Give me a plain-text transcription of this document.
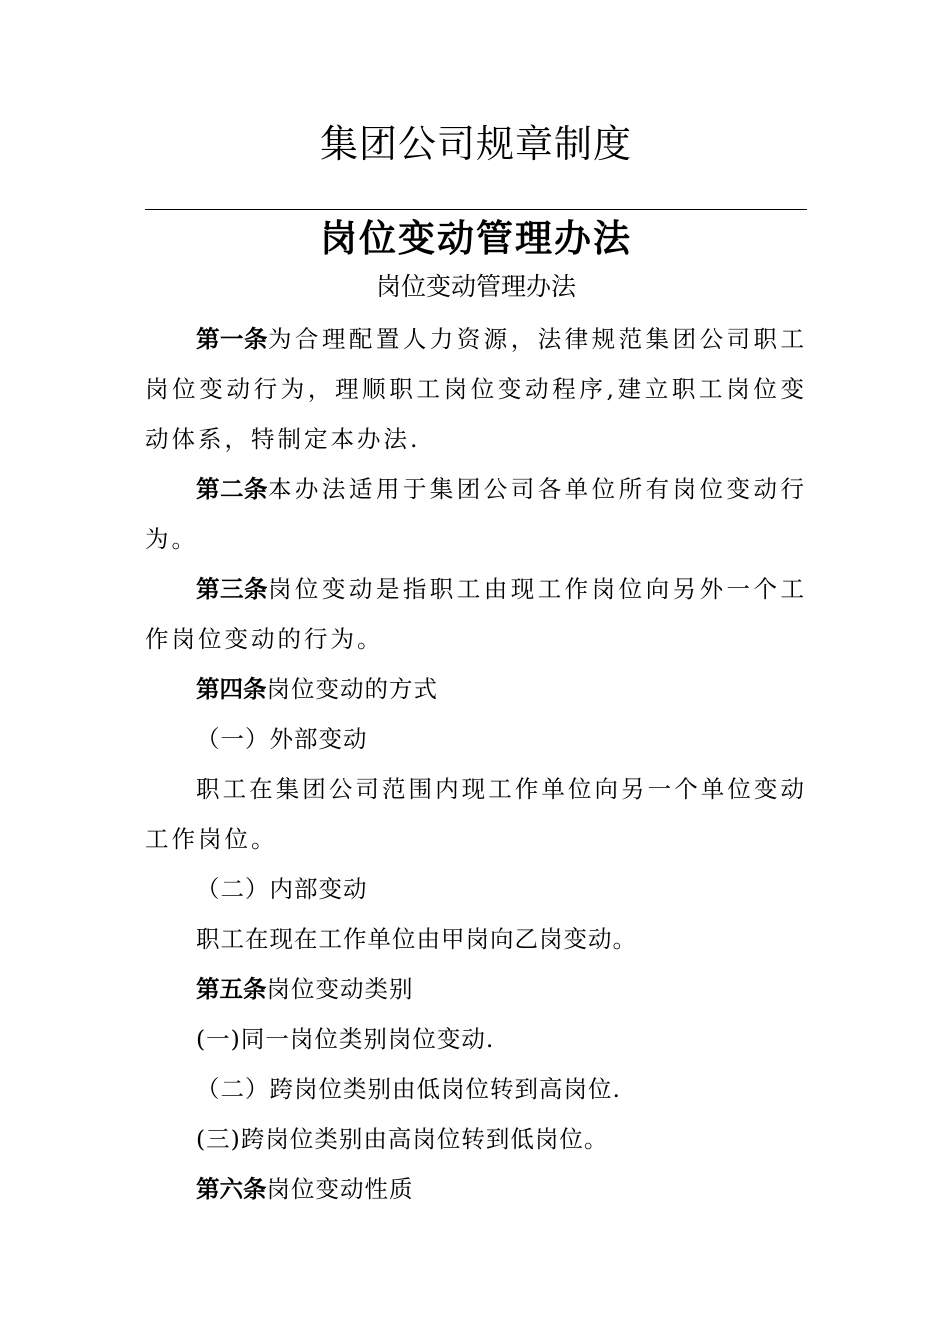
集团公司规章制度
岗位变动管理办法
岗位变动管理办法

第一条为合理配置人力资源，法律规范集团公司职工岗位变动行为，理顺职工岗位变动程序,建立职工岗位变动体系，特制定本办法.

第二条本办法适用于集团公司各单位所有岗位变动行为。

第三条岗位变动是指职工由现工作岗位向另外一个工作岗位变动的行为。

第四条岗位变动的方式

（一）外部变动

职工在集团公司范围内现工作单位向另一个单位变动工作岗位。

（二）内部变动

职工在现在工作单位由甲岗向乙岗变动。

第五条岗位变动类别

(一)同一岗位类别岗位变动.

（二）跨岗位类别由低岗位转到高岗位.

(三)跨岗位类别由高岗位转到低岗位。

第六条岗位变动性质
